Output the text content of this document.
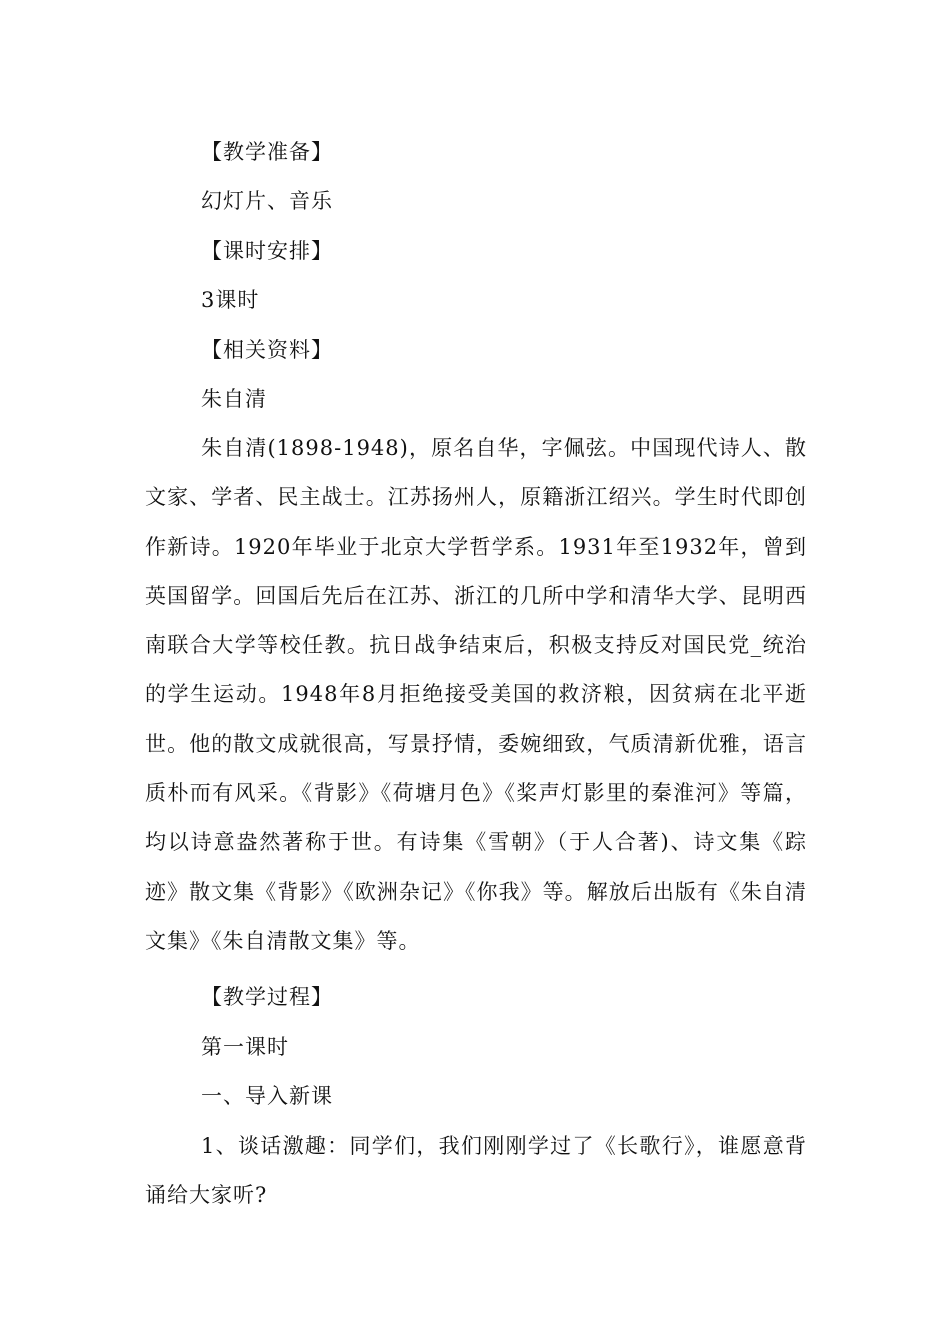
【教学准备】
幻灯片、音乐
【课时安排】
3课时
【相关资料】
朱自清

朱自清(1898-1948)，原名自华，字佩弦。中国现代诗人、散文家、学者、民主战士。江苏扬州人，原籍浙江绍兴。学生时代即创作新诗。1920年毕业于北京大学哲学系。1931年至1932年，曾到英国留学。回国后先后在江苏、浙江的几所中学和清华大学、昆明西南联合大学等校任教。抗日战争结束后，积极支持反对国民党_统治的学生运动。1948年8月拒绝接受美国的救济粮，因贫病在北平逝世。他的散文成就很高，写景抒情，委婉细致，气质清新优雅，语言质朴而有风采。《背影》《荷塘月色》《桨声灯影里的秦淮河》等篇，均以诗意盎然著称于世。有诗集《雪朝》（于人合著)、诗文集《踪迹》散文集《背影》《欧洲杂记》《你我》等。解放后出版有《朱自清文集》《朱自清散文集》等。

【教学过程】
第一课时
一、导入新课

1、谈话激趣：同学们，我们刚刚学过了《长歌行》，谁愿意背诵给大家听?
